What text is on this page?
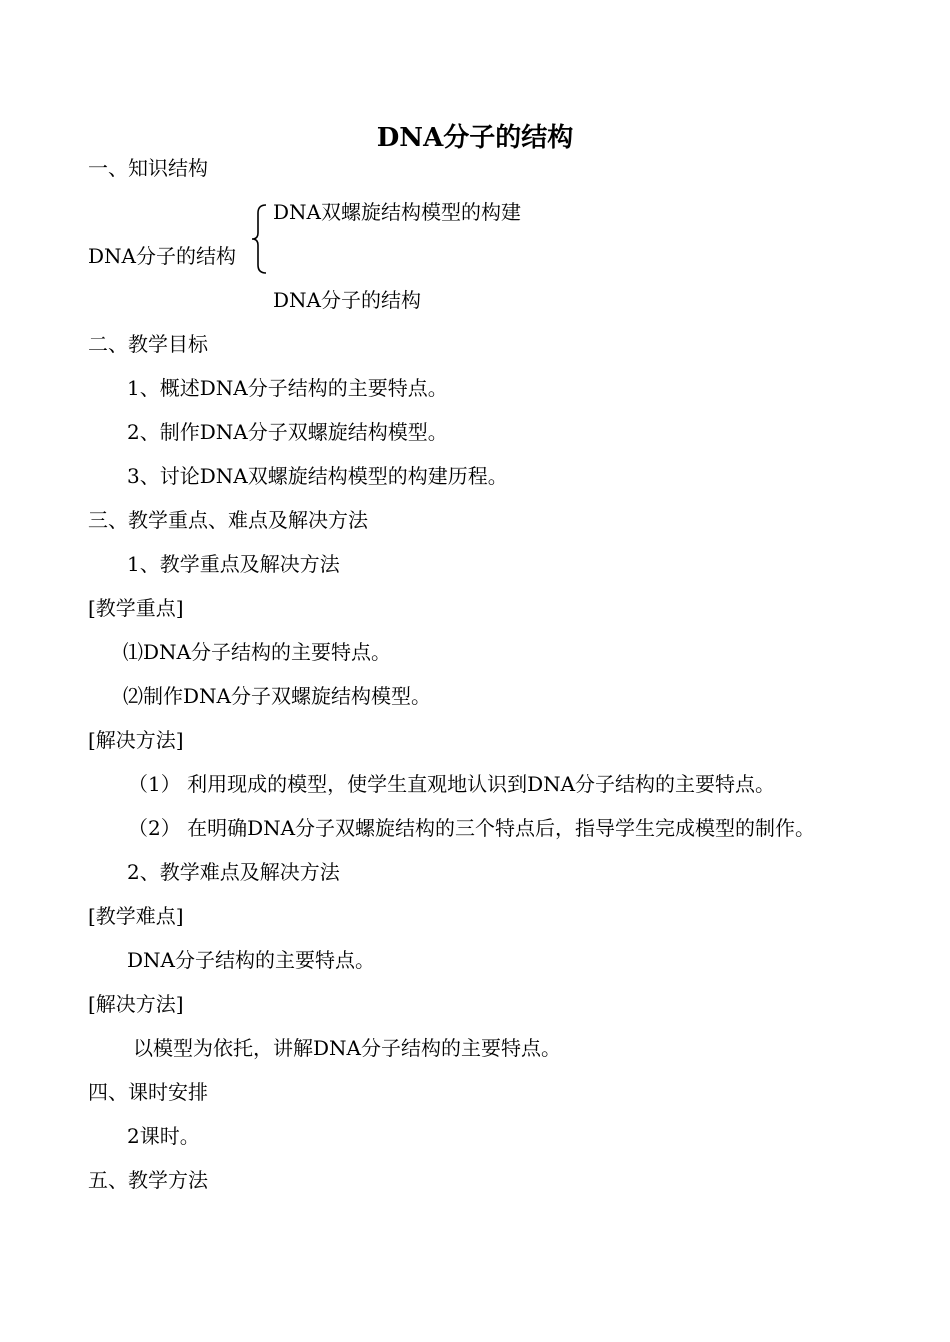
DNA分子的结构
一、知识结构
DNA双螺旋结构模型的构建
DNA分子的结构
DNA分子的结构
二、教学目标
1、概述DNA分子结构的主要特点。
2、制作DNA分子双螺旋结构模型。
3、讨论DNA双螺旋结构模型的构建历程。
三、教学重点、难点及解决方法
1、教学重点及解决方法
[教学重点]
⑴DNA分子结构的主要特点。
⑵制作DNA分子双螺旋结构模型。
[解决方法]
（1） 利用现成的模型，使学生直观地认识到DNA分子结构的主要特点。
（2） 在明确DNA分子双螺旋结构的三个特点后，指导学生完成模型的制作。
2、教学难点及解决方法
[教学难点]
DNA分子结构的主要特点。
[解决方法]
以模型为依托，讲解DNA分子结构的主要特点。
四、课时安排
2课时。
五、教学方法
